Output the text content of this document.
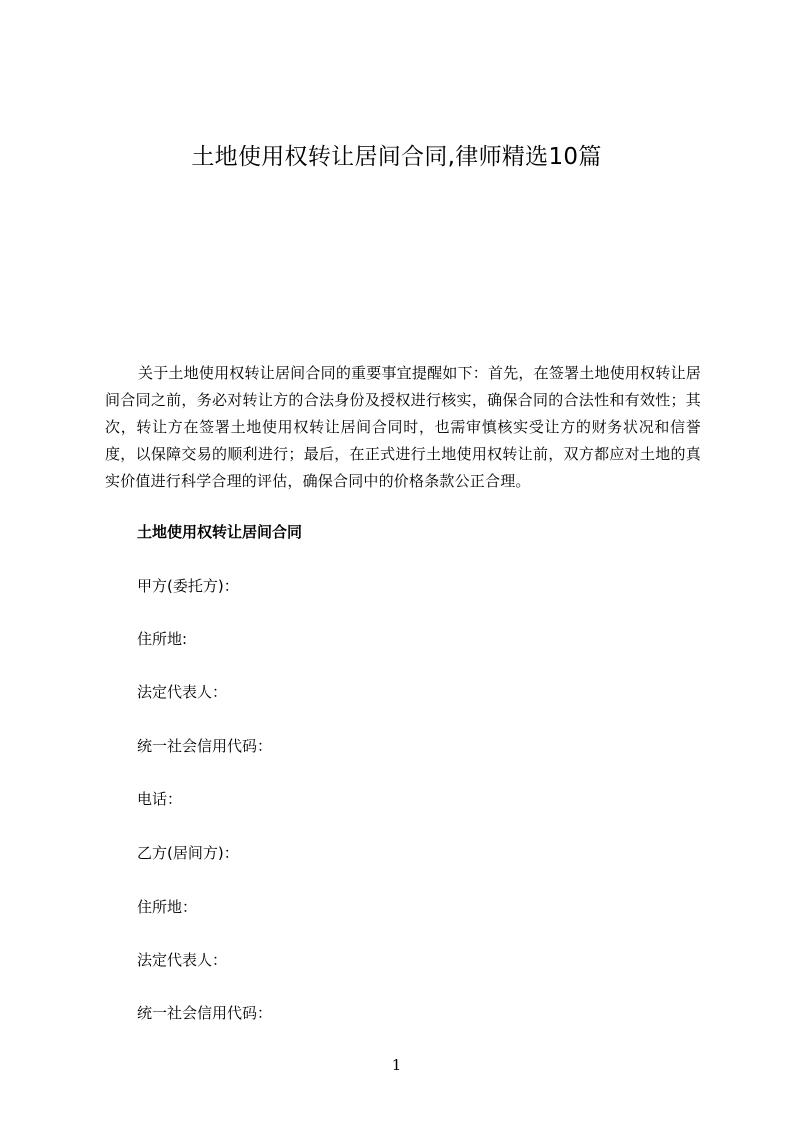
土地使用权转让居间合同,律师精选10篇

关于土地使用权转让居间合同的重要事宜提醒如下：首先，在签署土地使用权转让居间合同之前，务必对转让方的合法身份及授权进行核实，确保合同的合法性和有效性；其次，转让方在签署土地使用权转让居间合同时，也需审慎核实受让方的财务状况和信誉度，以保障交易的顺利进行；最后，在正式进行土地使用权转让前，双方都应对土地的真实价值进行科学合理的评估，确保合同中的价格条款公正合理。

土地使用权转让居间合同
甲方(委托方)：
住所地:
法定代表人：
统一社会信用代码：
电话：
乙方(居间方)：
住所地：
法定代表人：
统一社会信用代码：
1
